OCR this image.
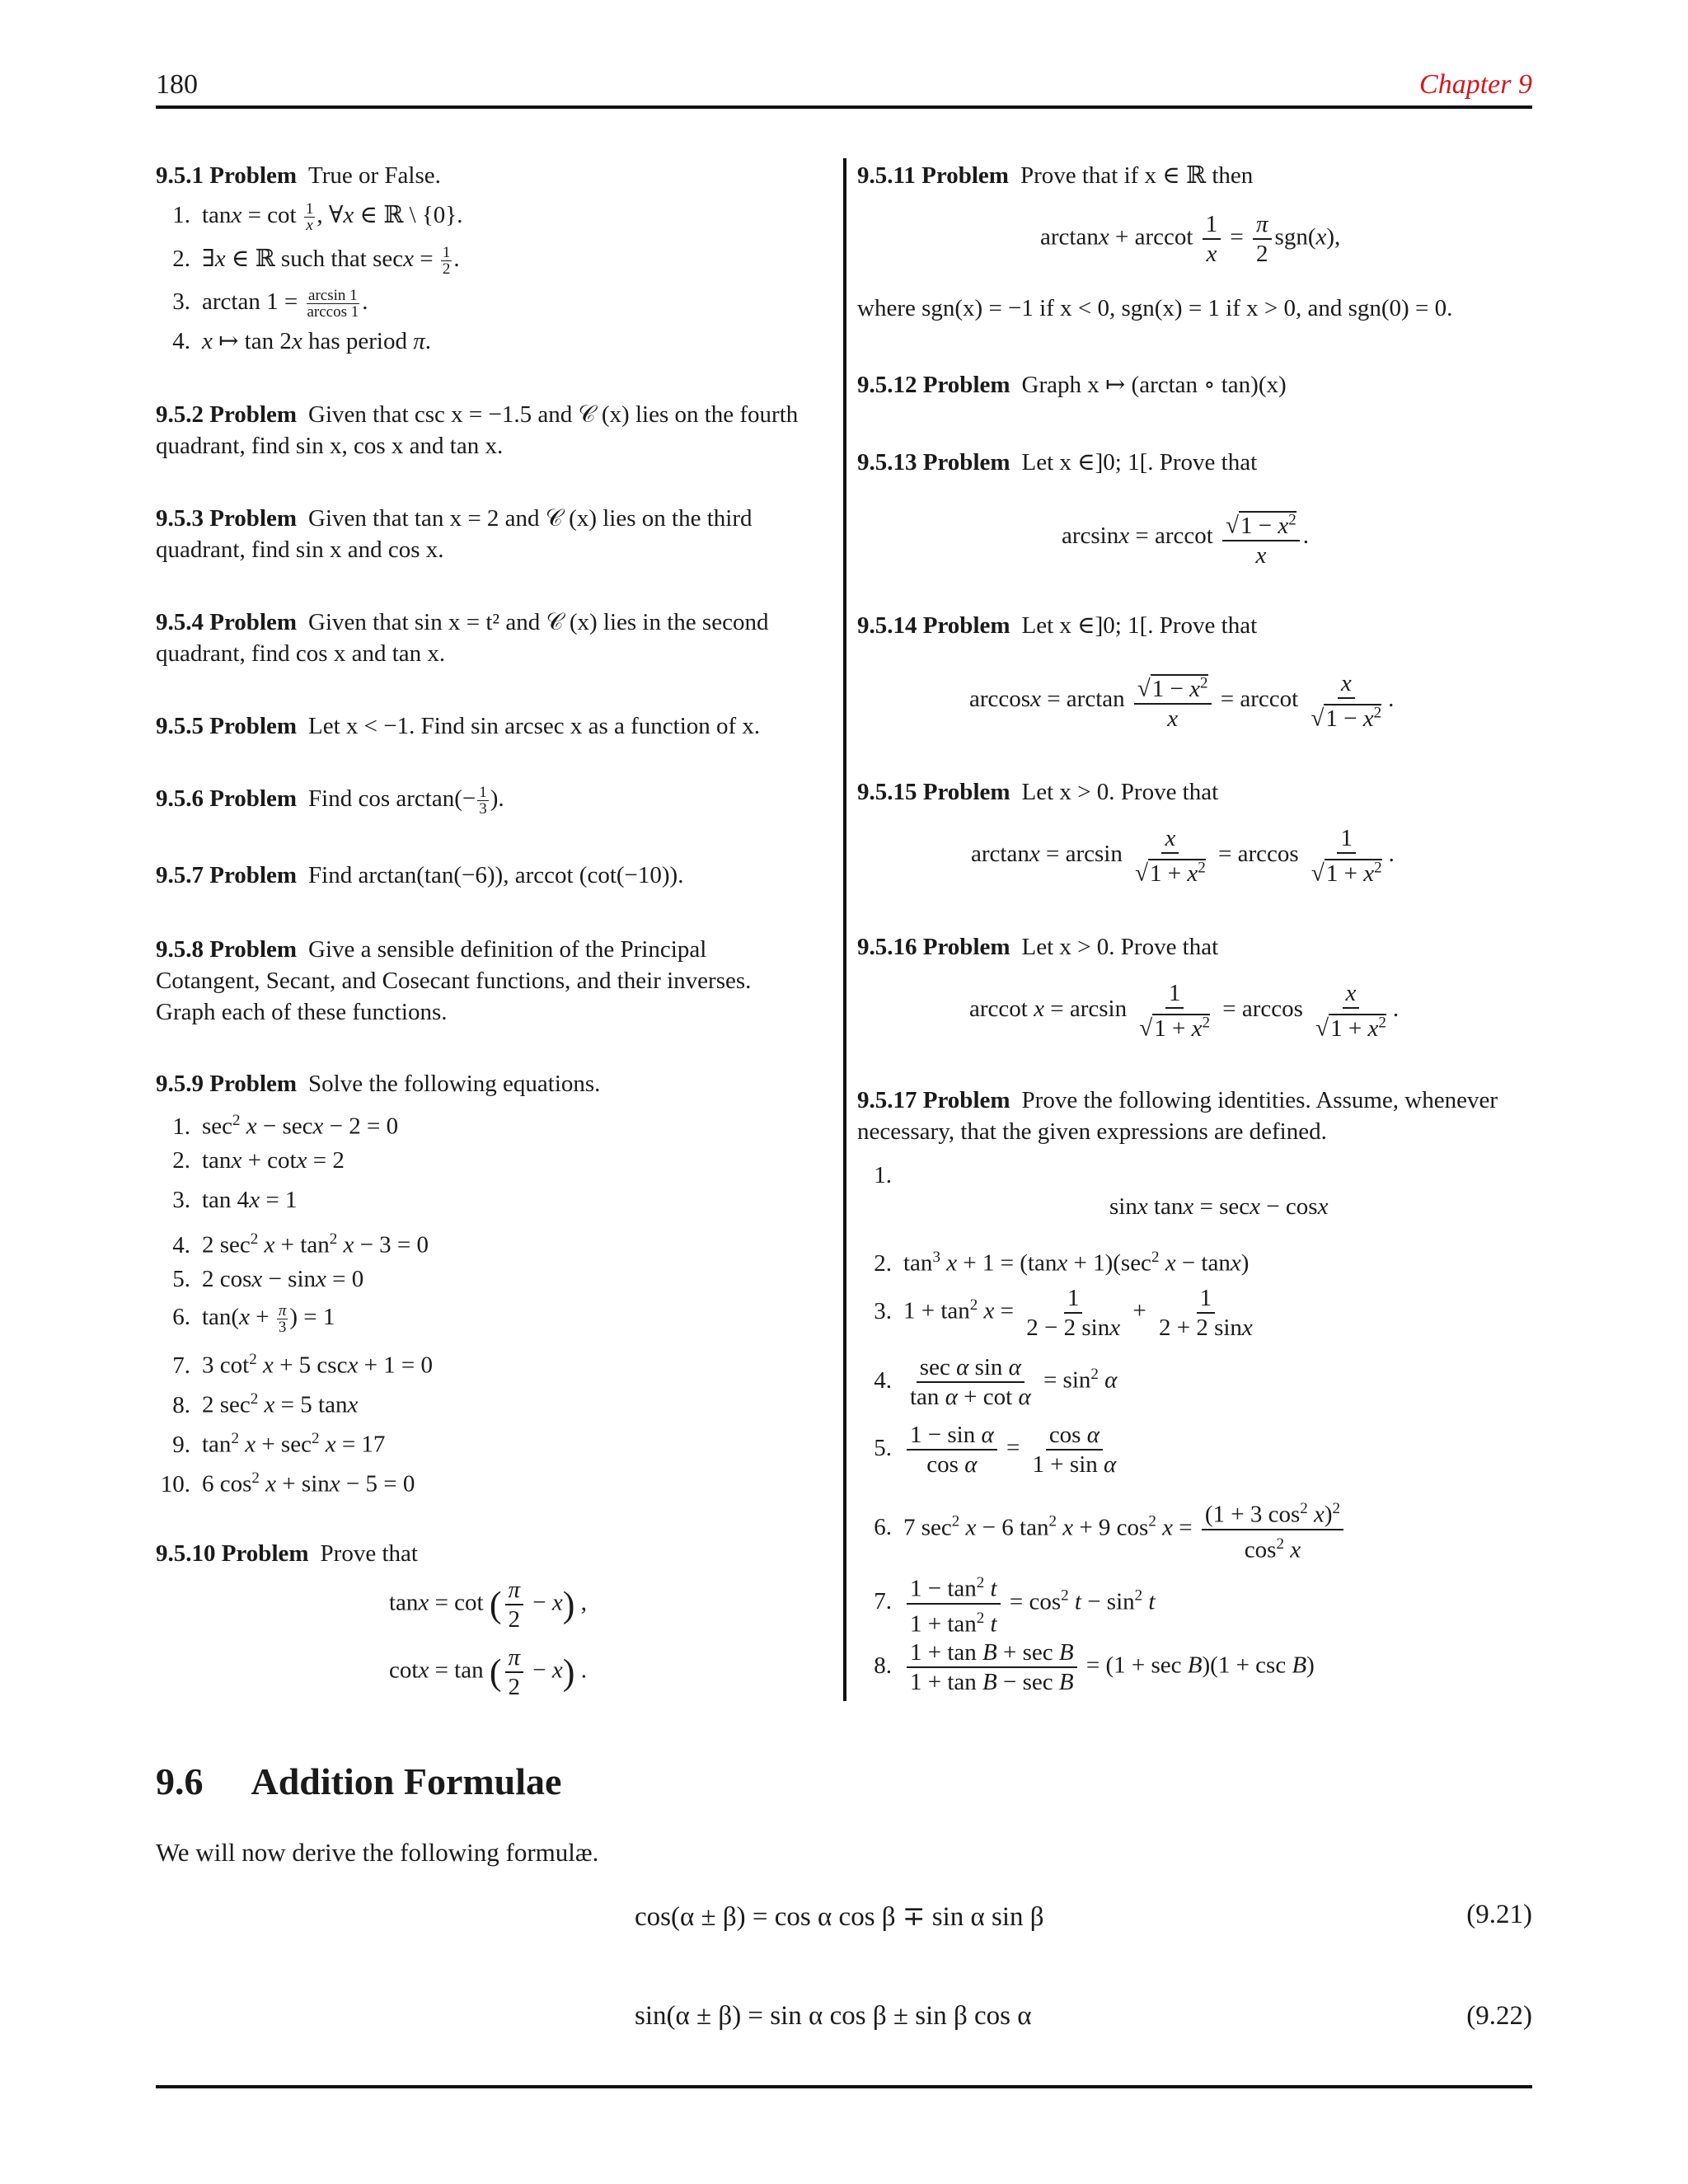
180	Chapter 9
9.5.1 Problem True or False.
1. $\tan x = \cot \frac{1}{x}$ , ∀x ∈ ℝ \ {0}.
2. ∃x ∈ ℝ such that $\sec x = \frac{1}{2}$ .
3. $\arctan 1 = \frac{\arcsin 1}{\arccos 1}$ .
4. x ↦ tan 2x has period π.
9.5.2 Problem Given that csc x = −1.5 and 𝒞 (x) lies on the fourth
quadrant, find sin x, cos x and tan x.
9.5.3 Problem Given that tan x = 2 and 𝒞 (x) lies on the third
quadrant, find sin x and cos x.
9.5.4 Problem Given that sin x = t² and 𝒞 (x) lies in the second
quadrant, find cos x and tan x.
9.5.5 Problem Let x < −1. Find sin arcsec x as a function of x.
9.5.6 Problem Find $\cos \arctan(- \frac{1}{3}$ ).
9.5.7 Problem Find arctan(tan(−6)), arccot (cot(−10)).
9.5.8 Problem Give a sensible definition of the Principal
Cotangent, Secant, and Cosecant functions, and their inverses.
Graph each of these functions.
9.5.9 Problem Solve the following equations.
1. $\sec^2 x - \sec x - 2 = 0$
2. tanx + cotx = 2
3. tan 4x = 1
4. 2 $\sec^2 x + \tan^2 x - 3 = 0$
5. 2 cosx − sinx = 0
6. $\tan(x + \frac{\pi}{3}$ ) = 1
7. 3 $\cot^2 x + 5$ cscx + 1 = 0
8. 2 $\sec^2 x = 5$ tanx
9. $\tan^2 x + \sec^2 x = 17$
10. 6 $\cos^2 x + \sin x - 5 = 0$
9.5.10 Problem Prove that
tanx = cot ( $\frac{\pi}{2} - x$) ,
cotx = tan ( $\frac{\pi}{2} - x$) .
9.5.11 Problem Prove that if x ∈ ℝ then
arctanx + arccot $\frac{1}{x} = \frac{\pi}{2} sgn(x)$,
where sgn(x) = −1 if x < 0, sgn(x) = 1 if x > 0, and sgn(0) = 0.
9.5.12 Problem Graph x ↦ (arctan ∘ tan)(x)
9.5.13 Problem Let x ∈]0; 1[. Prove that
arcsinx = arccot $\frac{√1 - x^2}{x}$ .
9.5.14 Problem Let x ∈]0; 1[. Prove that
$\arccos x = \arctan \frac{√1 - x^2}{x} = arccot \frac{x}{√1 - x^2}$ .
9.5.15 Problem Let x > 0. Prove that
$\arctan x = \arcsin \frac{x}{√1 + x^2} = \arccos \frac{1}{√1 + x^2}$ .
9.5.16 Problem Let x > 0. Prove that
arccot $x = \arcsin \frac{1}{√1 + x^2} = \arccos \frac{x}{√1 + x^2}$ .
9.5.17 Problem Prove the following identities. Assume, whenever
necessary, that the given expressions are defined.
1.
sinx tanx = secx − cosx
2. $\tan^3 x + 1 = (\tan x + 1)(\sec^2$ x − tanx)
3. $1 + \tan^2 x = \frac{1}{2 - 2 \sin x} + \frac{1}{2 + 2 \sin x}$
4. $\frac{\text{sec α sin α}}{\text{tan α + cot α}} = \sin^2 \alpha$
5. $\frac{\text{1 − sin α}}{\text{cos α}} = \frac{\text{cos α}}{\text{1 + sin α}}$
6. 7 $\sec^2 x - 6$ $\tan^2 x + 9$ $\cos^2 x = \frac{(1 + 3 \cos^2 x)^2}{\cos^2 x}$
7. $\frac{1 - \tan^2 t}{1 + \tan^2 t} = \cos^2 t - \sin^2 t$
8. $\frac{\text{1 + tan B + sec B}}{\text{1 + tan B − sec B}} = (1 + \sec B)(1 + \csc B)$
9.6 Addition Formulae
We will now derive the following formulæ.
cos(α ± β) = cos α cos β ∓ sin α sin β	(9.21)
sin(α ± β) = sin α cos β ± sin β cos α	(9.22)
